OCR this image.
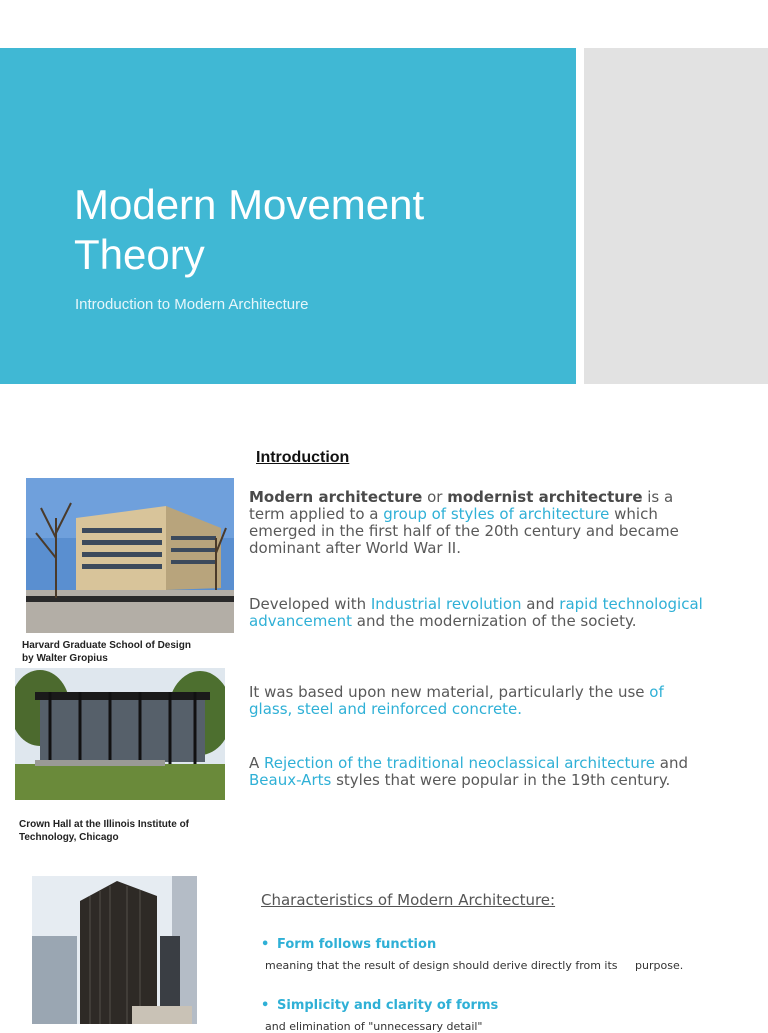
Modern Movement
Theory
Introduction to Modern Architecture
Introduction
Harvard Graduate School of Design
by Walter Gropius
Crown Hall at the Illinois Institute of
Technology, Chicago
Modern architecture or modernist architecture is a term applied to a group of styles of architecture which emerged in the first half of the 20th century and became dominant after World War II.
Developed with Industrial revolution and rapid technological advancement and the modernization of the society.
It was based upon new material, particularly the use of glass, steel and reinforced concrete.
A Rejection of the traditional neoclassical architecture and Beaux-Arts styles that were popular in the 19th century.
Characteristics of Modern Architecture:
• Form follows function
meaning that the result of design should derive directly from its     purpose.
• Simplicity and clarity of forms
and elimination of "unnecessary detail"
